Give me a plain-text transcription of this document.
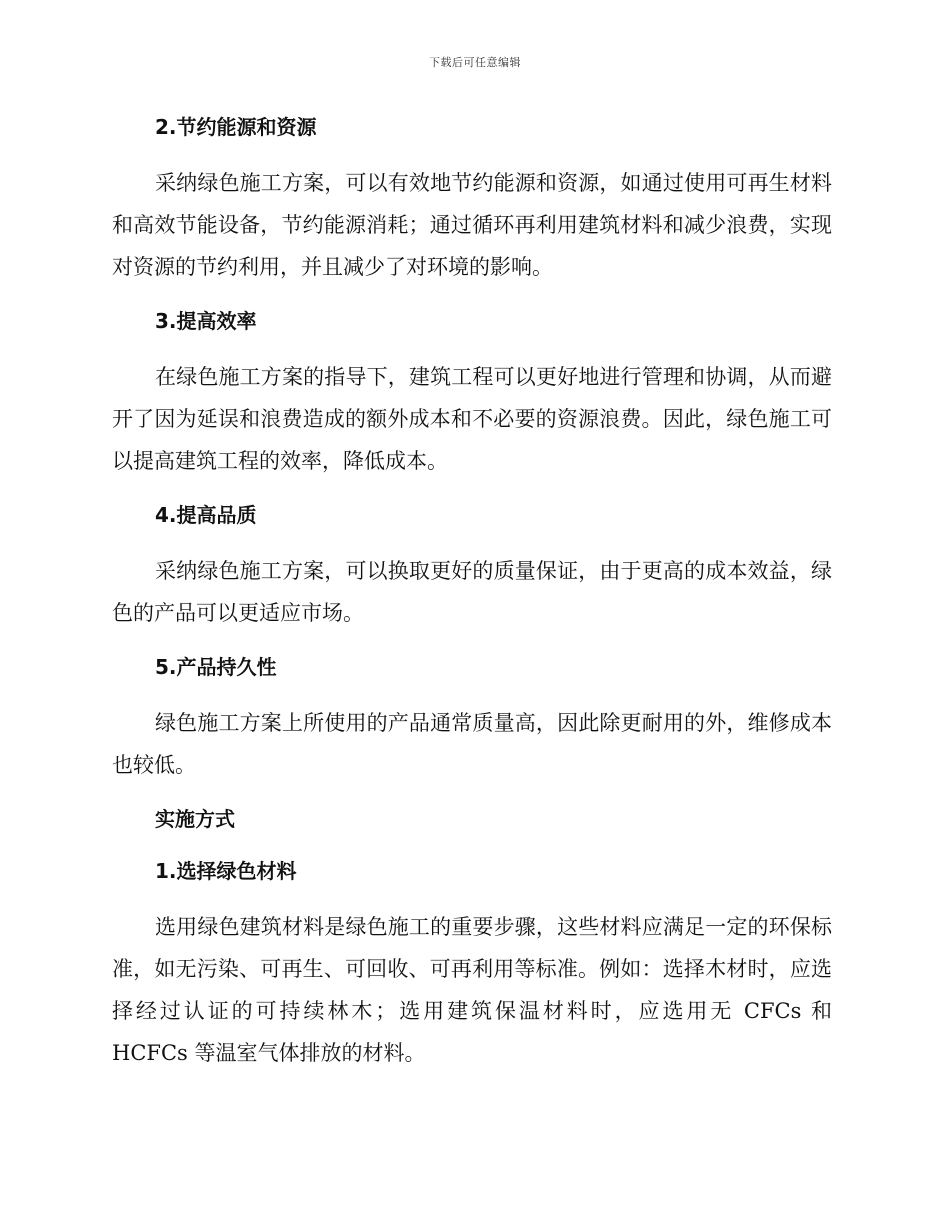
下载后可任意编辑
2.节约能源和资源

采纳绿色施工方案，可以有效地节约能源和资源，如通过使用可再生材料和高效节能设备，节约能源消耗；通过循环再利用建筑材料和减少浪费，实现对资源的节约利用，并且减少了对环境的影响。

3.提高效率

在绿色施工方案的指导下，建筑工程可以更好地进行管理和协调，从而避开了因为延误和浪费造成的额外成本和不必要的资源浪费。因此，绿色施工可以提高建筑工程的效率，降低成本。

4.提高品质

采纳绿色施工方案，可以换取更好的质量保证，由于更高的成本效益，绿色的产品可以更适应市场。

5.产品持久性

绿色施工方案上所使用的产品通常质量高，因此除更耐用的外，维修成本也较低。

实施方式
1.选择绿色材料

选用绿色建筑材料是绿色施工的重要步骤，这些材料应满足一定的环保标准，如无污染、可再生、可回收、可再利用等标准。例如：选择木材时，应选择经过认证的可持续林木；选用建筑保温材料时，应选用无 CFCs 和 HCFCs 等温室气体排放的材料。
